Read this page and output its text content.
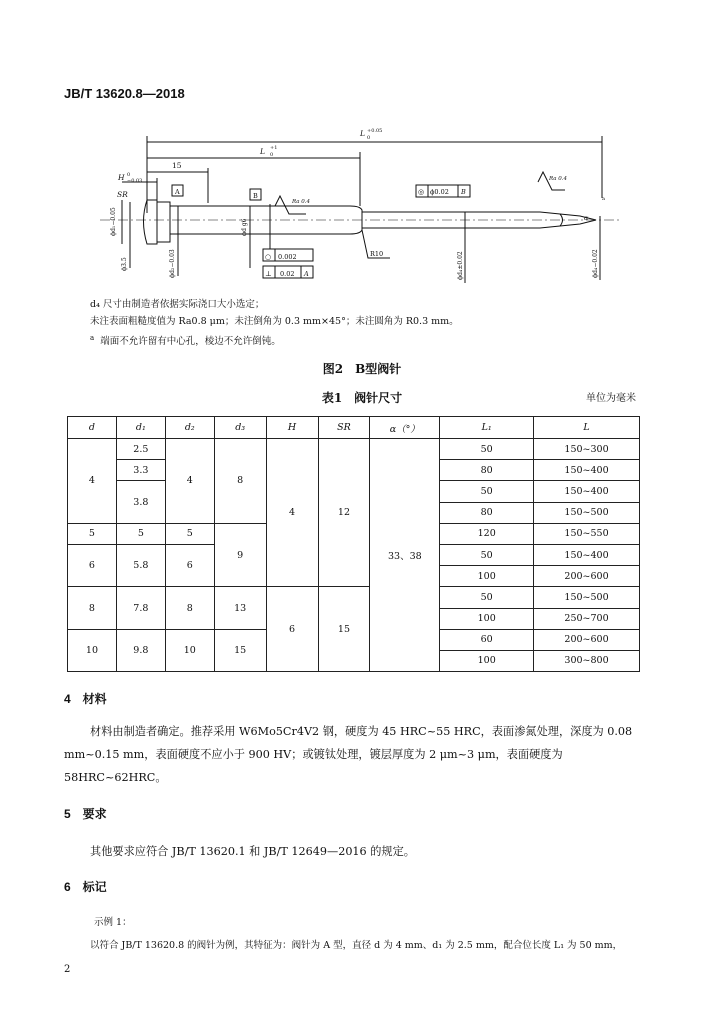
JB/T 13620.8—2018
L +0.05
0
L +1
0
15
H 0
−0.03
SR	A	B
Ra 0.4
Ra 0.4
0.002
○
0.02
⊥	A
R10
◎ ϕ0.02 B
α
a
ϕd₁−0.05
ϕ3.5	ϕd₂−0.03
ϕd g6
ϕd₄±0.02	ϕd₄−0.02
d₄ 尺寸由制造者依据实际浇口大小选定；
未注表面粗糙度值为 Ra0.8 μm；未注倒角为 0.3 mm×45°；未注圆角为 R0.3 mm。
$^a$ 端面不允许留有中心孔，棱边不允许倒钝。
图2　B型阀针
表1　阀针尺寸	单位为毫米
d	d₁	d₂	d₃	H	SR	α（°）	L₁	L
4	2.5	4	8	4	12	33、38	50	150~300
	3.3						80	150~400
	3.8						50	150~400
							80	150~500
5	5	5	9				120	150~550
6	5.8	6					50	150~400
							100	200~600
8	7.8	8	13	6	15		50	150~500
							100	250~700
10	9.8	10	15				60	200~600
							100	300~800
4　材料
材料由制造者确定。推荐采用 W6Mo5Cr4V2 钢，硬度为 45 HRC~55 HRC，表面渗氮处理，深度为 0.08 mm~0.15 mm，表面硬度不应小于 900 HV；或镀钛处理，镀层厚度为 2 μm~3 μm，表面硬度为 58HRC~62HRC。
5　要求
其他要求应符合 JB/T 13620.1 和 JB/T 12649—2016 的规定。
6　标记
示例 1：
以符合 JB/T 13620.8 的阀针为例，其特征为：阀针为 A 型，直径 d 为 4 mm、d₁ 为 2.5 mm，配合位长度 L₁ 为 50 mm，
2
